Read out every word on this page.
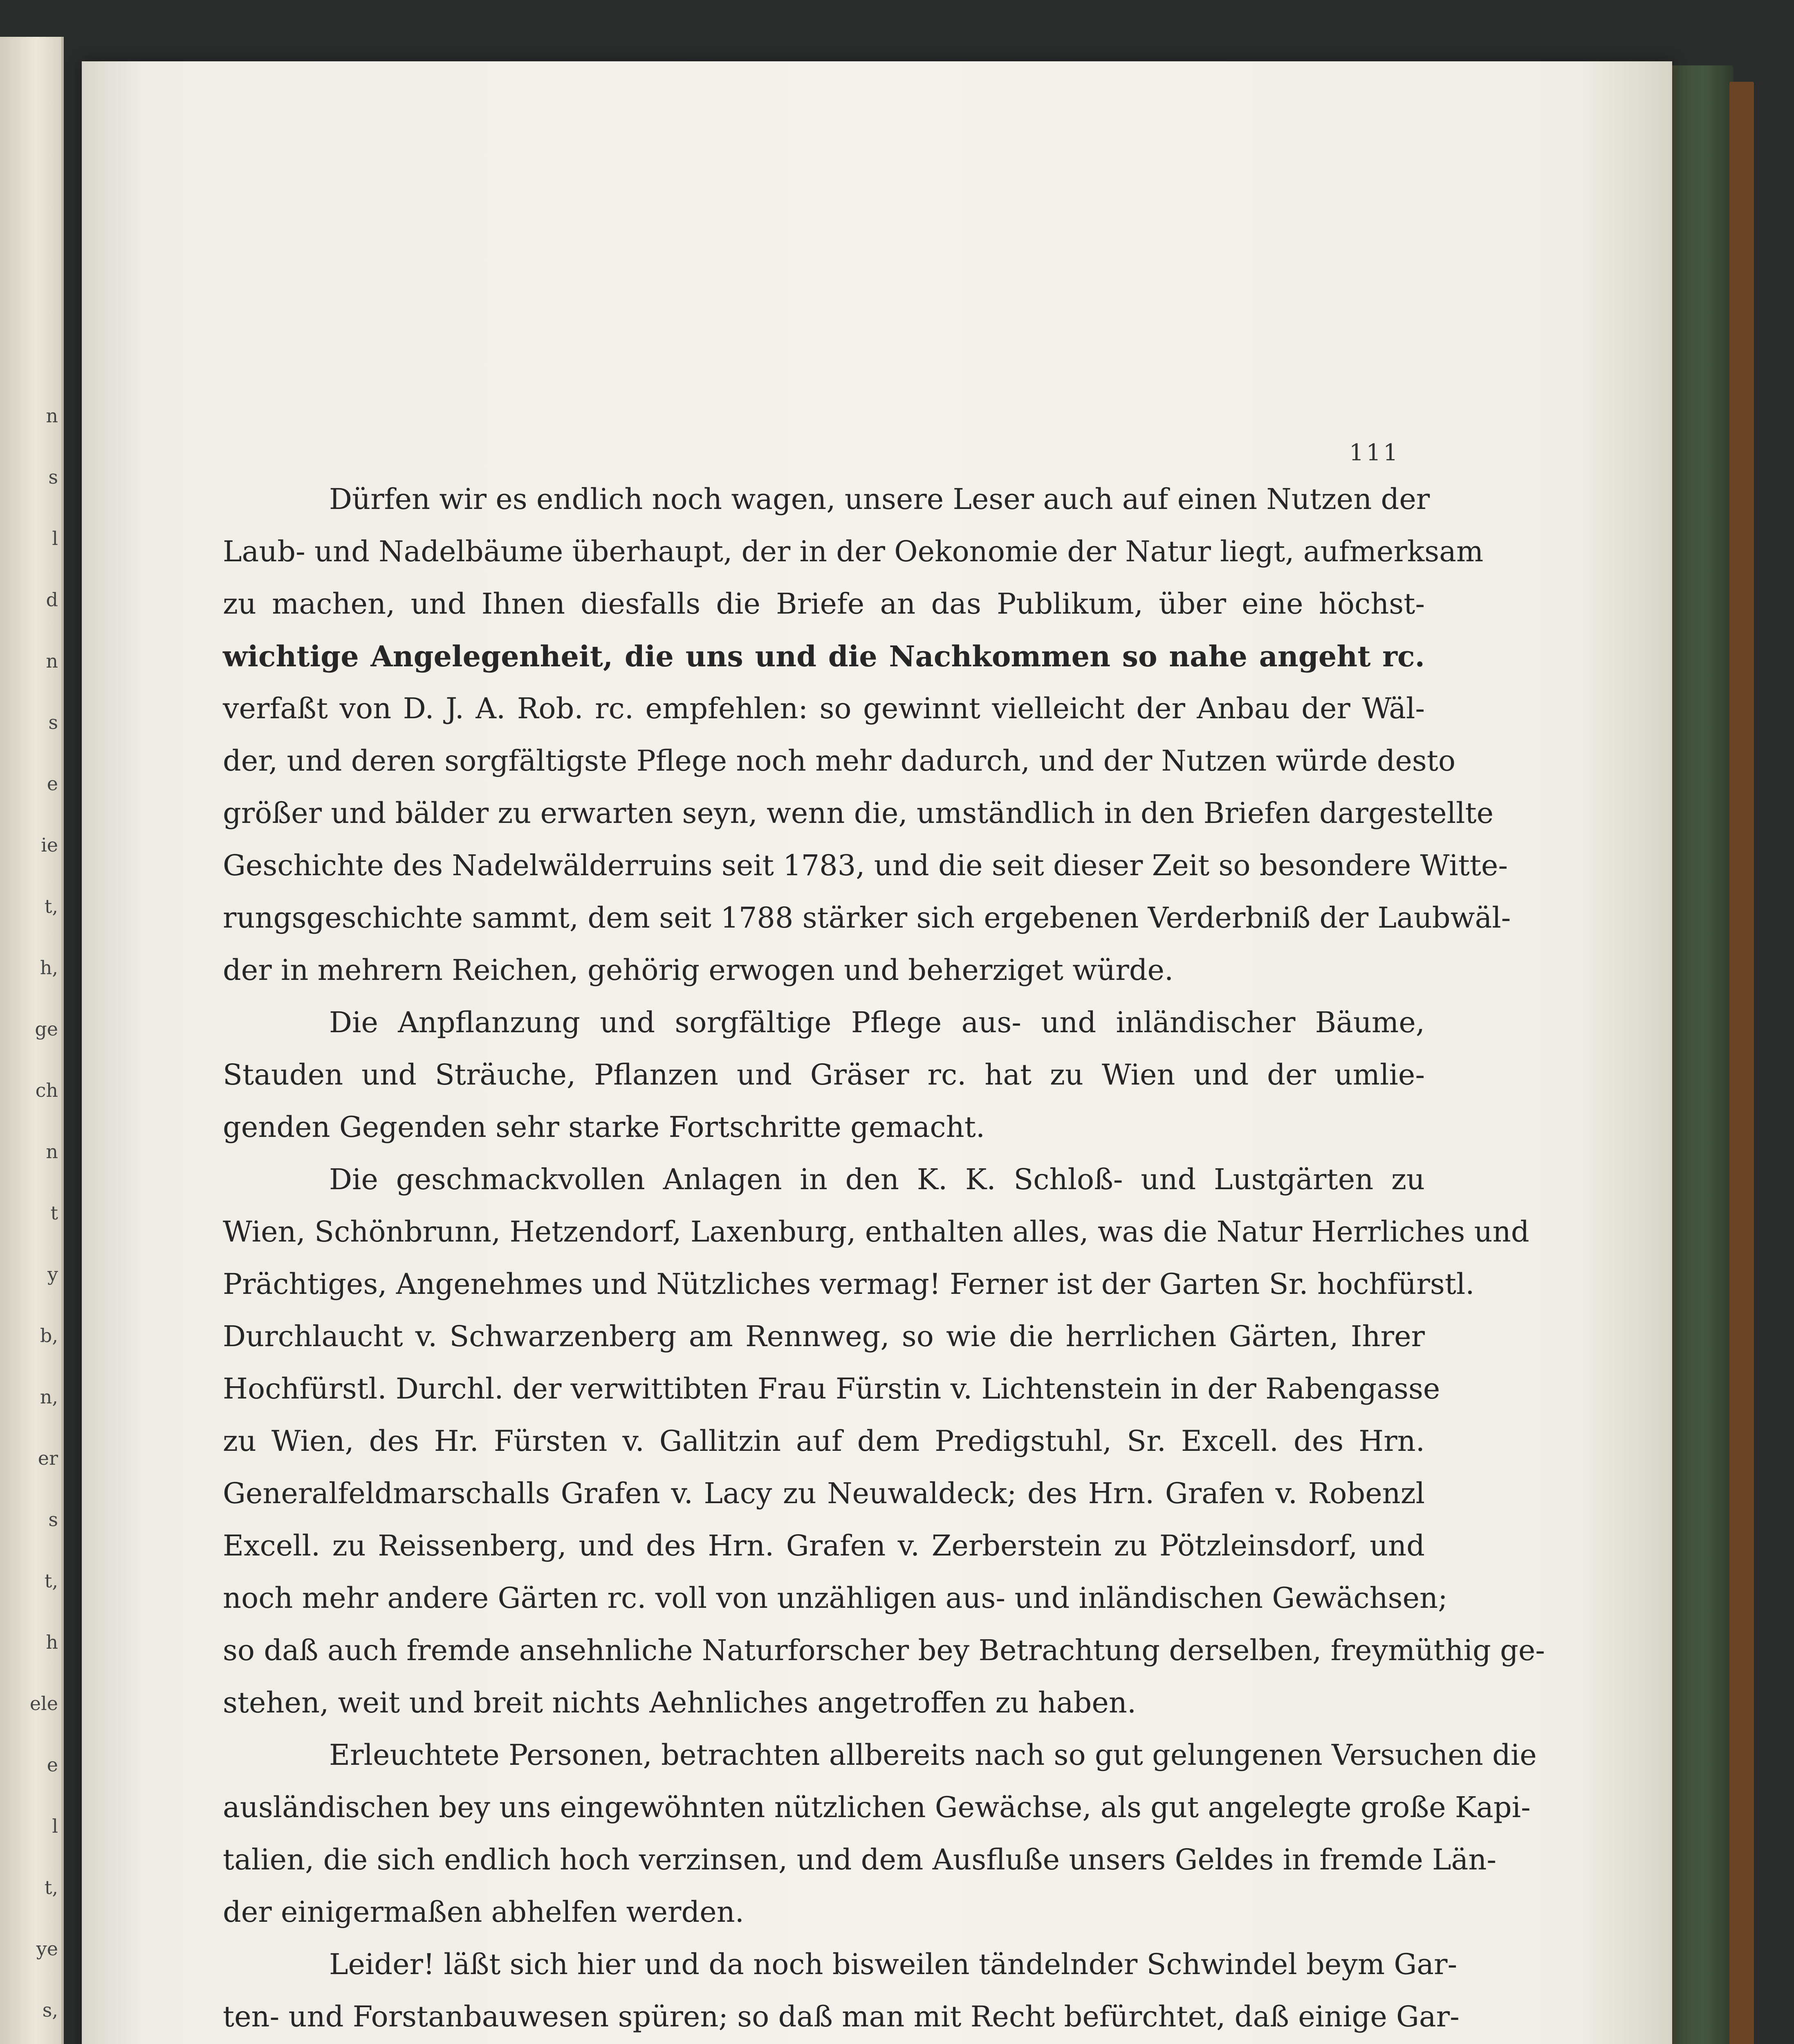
n
s
l
d
n
s
e
ie
t,
h,
ge
ch
n
t
y
b,
n,
er
s
t,
h
ele
e
l
t,
ye
s,
111
Dürfen wir es endlich noch wagen, unsere Leser auch auf einen Nutzen der
Laub- und Nadelbäume überhaupt, der in der Oekonomie der Natur liegt, aufmerksam
zu machen, und Ihnen diesfalls die Briefe an das Publikum, über eine höchst-
wichtige Angelegenheit, die uns und die Nachkommen so nahe angeht rc.
verfaßt von D. J. A. Rob. rc. empfehlen: so gewinnt vielleicht der Anbau der Wäl-
der, und deren sorgfältigste Pflege noch mehr dadurch, und der Nutzen würde desto
größer und bälder zu erwarten seyn, wenn die, umständlich in den Briefen dargestellte
Geschichte des Nadelwälderruins seit 1783, und die seit dieser Zeit so besondere Witte-
rungsgeschichte sammt, dem seit 1788 stärker sich ergebenen Verderbniß der Laubwäl-
der in mehrern Reichen, gehörig erwogen und beherziget würde.
Die Anpflanzung und sorgfältige Pflege aus- und inländischer Bäume,
Stauden und Sträuche, Pflanzen und Gräser rc. hat zu Wien und der umlie-
genden Gegenden sehr starke Fortschritte gemacht.
Die geschmackvollen Anlagen in den K. K. Schloß- und Lustgärten zu
Wien, Schönbrunn, Hetzendorf, Laxenburg, enthalten alles, was die Natur Herrliches und
Prächtiges, Angenehmes und Nützliches vermag! Ferner ist der Garten Sr. hochfürstl.
Durchlaucht v. Schwarzenberg am Rennweg, so wie die herrlichen Gärten, Ihrer
Hochfürstl. Durchl. der verwittibten Frau Fürstin v. Lichtenstein in der Rabengasse
zu Wien, des Hr. Fürsten v. Gallitzin auf dem Predigstuhl, Sr. Excell. des Hrn.
Generalfeldmarschalls Grafen v. Lacy zu Neuwaldeck; des Hrn. Grafen v. Robenzl
Excell. zu Reissenberg, und des Hrn. Grafen v. Zerberstein zu Pötzleinsdorf, und
noch mehr andere Gärten rc. voll von unzähligen aus- und inländischen Gewächsen;
so daß auch fremde ansehnliche Naturforscher bey Betrachtung derselben, freymüthig ge-
stehen, weit und breit nichts Aehnliches angetroffen zu haben.
Erleuchtete Personen, betrachten allbereits nach so gut gelungenen Versuchen die
ausländischen bey uns eingewöhnten nützlichen Gewächse, als gut angelegte große Kapi-
talien, die sich endlich hoch verzinsen, und dem Ausfluße unsers Geldes in fremde Län-
der einigermaßen abhelfen werden.
Leider! läßt sich hier und da noch bisweilen tändelnder Schwindel beym Gar-
ten- und Forstanbauwesen spüren; so daß man mit Recht befürchtet, daß einige Gar-
